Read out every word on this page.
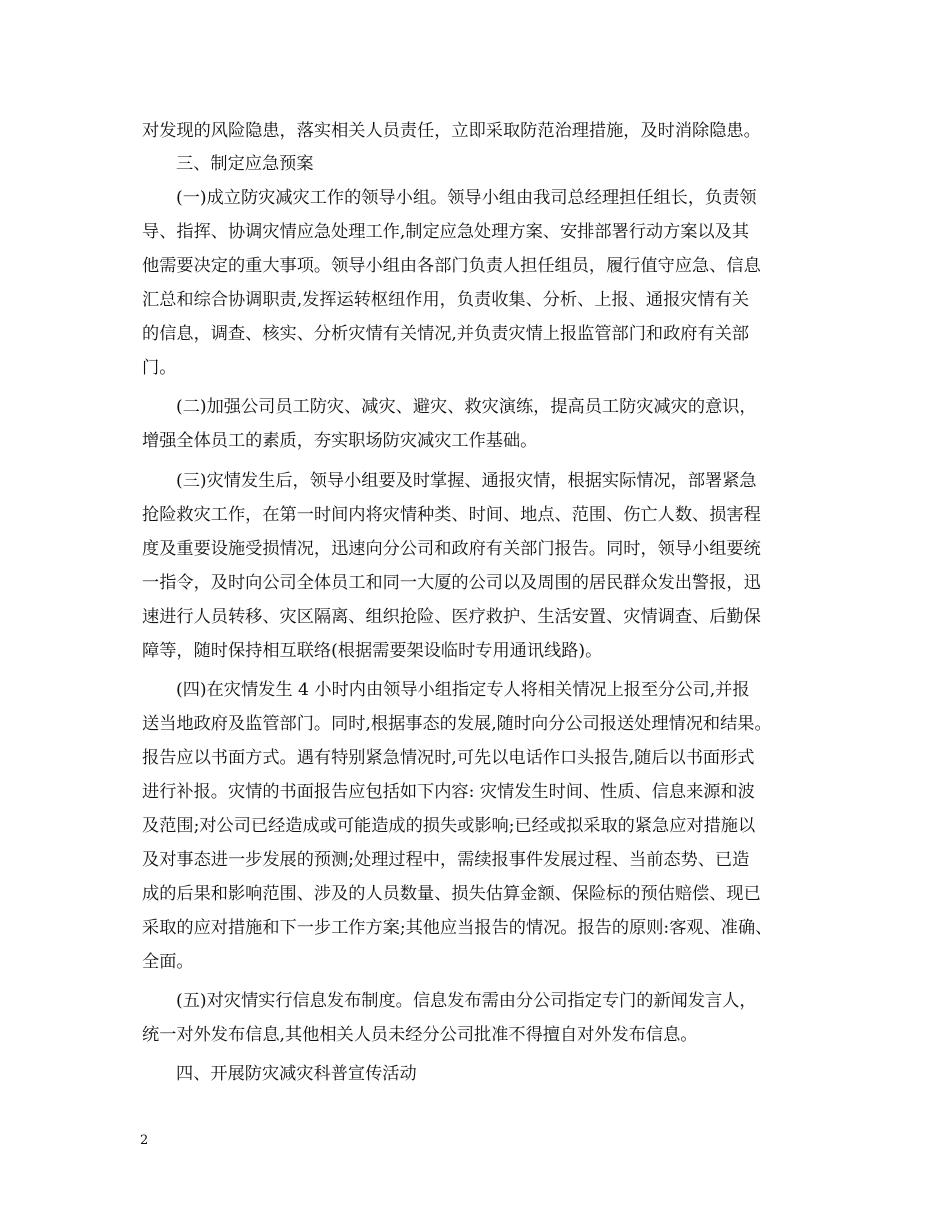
对发现的风险隐患，落实相关人员责任，立即采取防范治理措施，及时消除隐患。
三、制定应急预案
(一)成立防灾减灾工作的领导小组。领导小组由我司总经理担任组长，负责领
导、指挥、协调灾情应急处理工作,制定应急处理方案、安排部署行动方案以及其
他需要决定的重大事项。领导小组由各部门负责人担任组员，履行值守应急、信息
汇总和综合协调职责,发挥运转枢纽作用，负责收集、分析、上报、通报灾情有关
的信息，调查、核实、分析灾情有关情况,并负责灾情上报监管部门和政府有关部
门。
(二)加强公司员工防灾、减灾、避灾、救灾演练，提高员工防灾减灾的意识，
增强全体员工的素质，夯实职场防灾减灾工作基础。
(三)灾情发生后，领导小组要及时掌握、通报灾情，根据实际情况，部署紧急
抢险救灾工作，在第一时间内将灾情种类、时间、地点、范围、伤亡人数、损害程
度及重要设施受损情况，迅速向分公司和政府有关部门报告。同时，领导小组要统
一指令，及时向公司全体员工和同一大厦的公司以及周围的居民群众发出警报，迅
速进行人员转移、灾区隔离、组织抢险、医疗救护、生活安置、灾情调查、后勤保
障等，随时保持相互联络(根据需要架设临时专用通讯线路)。
(四)在灾情发生 4 小时内由领导小组指定专人将相关情况上报至分公司,并报
送当地政府及监管部门。同时,根据事态的发展,随时向分公司报送处理情况和结果。
报告应以书面方式。遇有特别紧急情况时,可先以电话作口头报告,随后以书面形式
进行补报。灾情的书面报告应包括如下内容: 灾情发生时间、性质、信息来源和波
及范围;对公司已经造成或可能造成的损失或影响;已经或拟采取的紧急应对措施以
及对事态进一步发展的预测;处理过程中，需续报事件发展过程、当前态势、已造
成的后果和影响范围、涉及的人员数量、损失估算金额、保险标的预估赔偿、现已
采取的应对措施和下一步工作方案;其他应当报告的情况。报告的原则:客观、准确、
全面。
(五)对灾情实行信息发布制度。信息发布需由分公司指定专门的新闻发言人，
统一对外发布信息,其他相关人员未经分公司批准不得擅自对外发布信息。
四、开展防灾减灾科普宣传活动
2
